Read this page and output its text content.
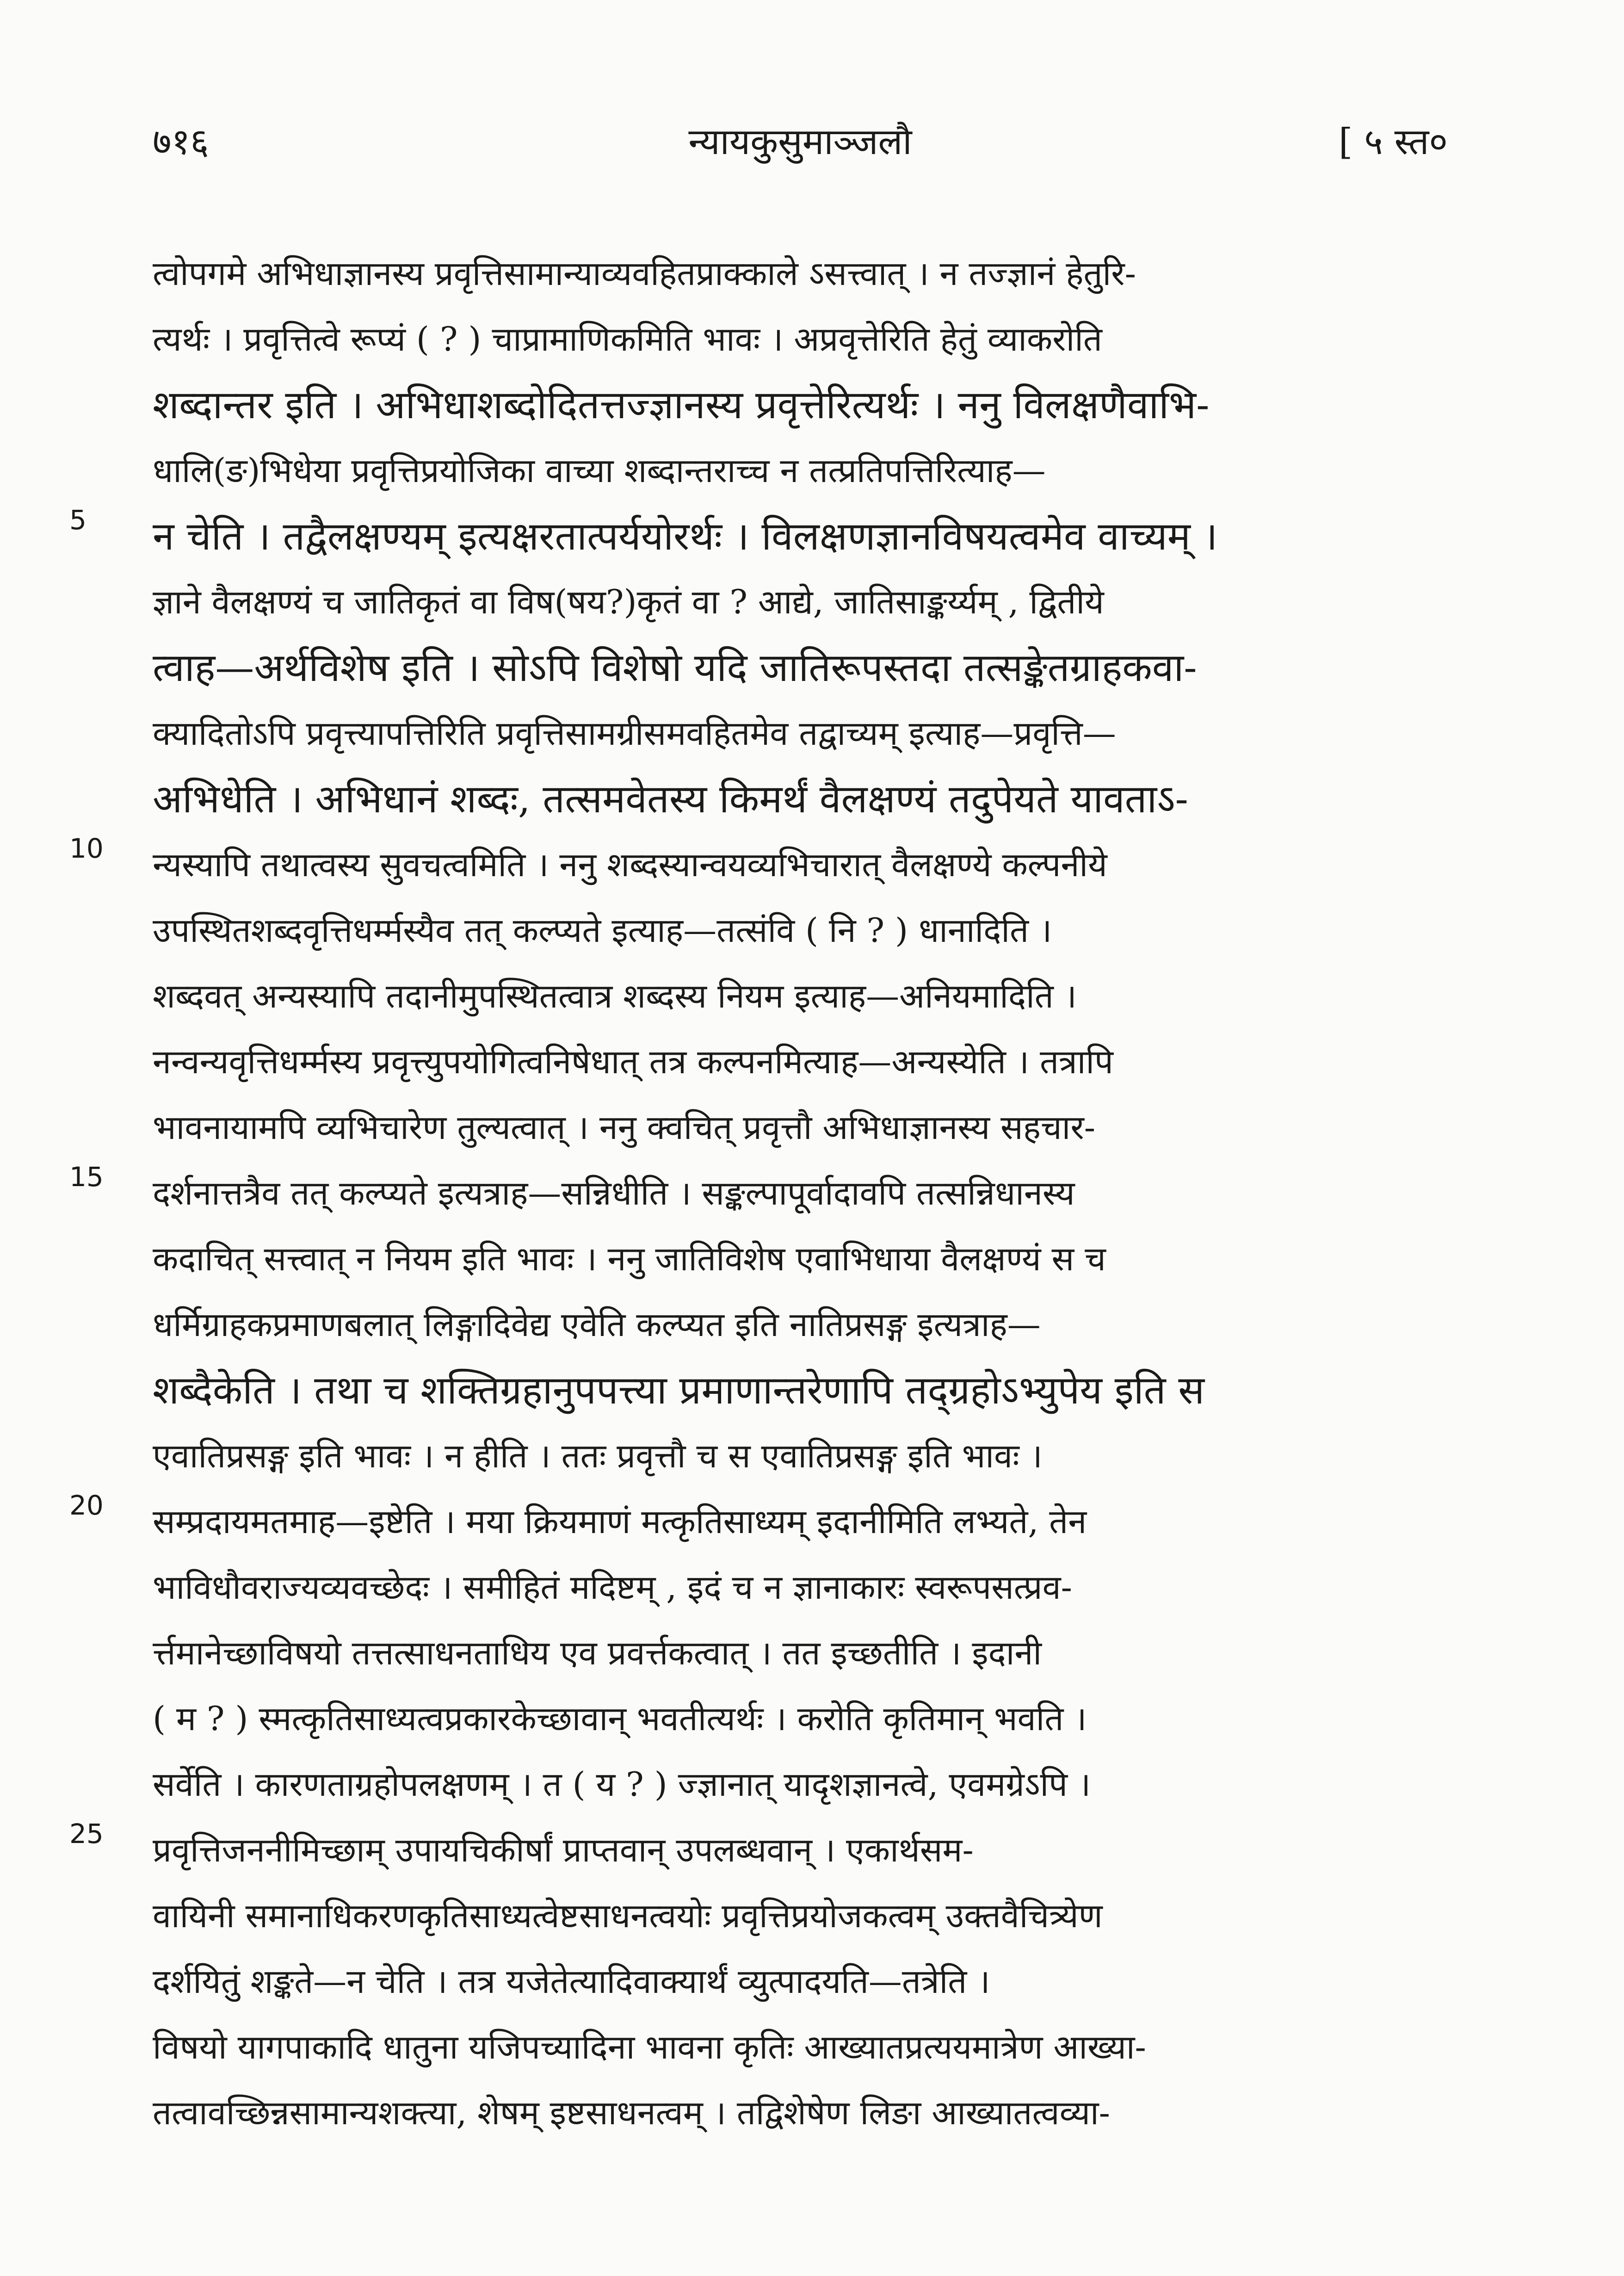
७१६	न्यायकुसुमाञ्जलौ	[ ५ स्त०
5
10
15
20
25
त्वोपगमे अभिधाज्ञानस्य प्रवृत्तिसामान्याव्यवहितप्राक्काले ऽसत्त्वात् । न तज्ज्ञानं हेतुरि-
त्यर्थः । प्रवृत्तित्वे रूप्यं ( ? ) चाप्रामाणिकमिति भावः । अप्रवृत्तेरिति हेतुं व्याकरोति
शब्दान्तर इति । अभिधाशब्दोदितत्तज्ज्ञानस्य प्रवृत्तेरित्यर्थः । ननु विलक्षणैवाभि-
धालि(ङ)भिधेया प्रवृत्तिप्रयोजिका वाच्या शब्दान्तराच्च न तत्प्रतिपत्तिरित्याह—
न चेति । तद्वैलक्षण्यम् इत्यक्षरतात्पर्ययोरर्थः । विलक्षणज्ञानविषयत्वमेव वाच्यम् ।
ज्ञाने वैलक्षण्यं च जातिकृतं वा विष(षय?)कृतं वा ? आद्ये, जातिसाङ्कर्य्यम् , द्वितीये
त्वाह—अर्थविशेष इति । सोऽपि विशेषो यदि जातिरूपस्तदा तत्सङ्केतग्राहकवा-
क्यादितोऽपि प्रवृत्त्यापत्तिरिति प्रवृत्तिसामग्रीसमवहितमेव तद्वाच्यम् इत्याह—प्रवृत्ति—
अभिधेति । अभिधानं शब्दः, तत्समवेतस्य किमर्थं वैलक्षण्यं तदुपेयते यावताऽ-
न्यस्यापि तथात्वस्य सुवचत्वमिति । ननु शब्दस्यान्वयव्यभिचारात् वैलक्षण्ये कल्पनीये
उपस्थितशब्दवृत्तिधर्म्मस्यैव तत् कल्प्यते इत्याह—तत्संवि ( नि ? ) धानादिति ।
शब्दवत् अन्यस्यापि तदानीमुपस्थितत्वात्र शब्दस्य नियम इत्याह—अनियमादिति ।
नन्वन्यवृत्तिधर्म्मस्य प्रवृत्त्युपयोगित्वनिषेधात् तत्र कल्पनमित्याह—अन्यस्येति । तत्रापि
भावनायामपि व्यभिचारेण तुल्यत्वात् । ननु क्वचित् प्रवृत्तौ अभिधाज्ञानस्य सहचार-
दर्शनात्तत्रैव तत् कल्प्यते इत्यत्राह—सन्निधीति । सङ्कल्पापूर्वादावपि तत्सन्निधानस्य
कदाचित् सत्त्वात् न नियम इति भावः । ननु जातिविशेष एवाभिधाया वैलक्षण्यं स च
धर्मिग्राहकप्रमाणबलात् लिङ्गादिवेद्य एवेति कल्प्यत इति नातिप्रसङ्ग इत्यत्राह—
शब्दैकेति । तथा च शक्तिग्रहानुपपत्त्या प्रमाणान्तरेणापि तद्ग्रहोऽभ्युपेय इति स
एवातिप्रसङ्ग इति भावः । न हीति । ततः प्रवृत्तौ च स एवातिप्रसङ्ग इति भावः ।
सम्प्रदायमतमाह—इष्टेति । मया क्रियमाणं मत्कृतिसाध्यम् इदानीमिति लभ्यते, तेन
भाविधौवराज्यव्यवच्छेदः । समीहितं मदिष्टम् , इदं च न ज्ञानाकारः स्वरूपसत्प्रव-
र्त्तमानेच्छाविषयो तत्तत्साधनताधिय एव प्रवर्त्तकत्वात् । तत इच्छतीति । इदानी
( म ? ) स्मत्कृतिसाध्यत्वप्रकारकेच्छावान् भवतीत्यर्थः । करोति कृतिमान् भवति ।
सर्वेति । कारणताग्रहोपलक्षणम् । त ( य ? ) ज्ज्ञानात् यादृशज्ञानत्वे, एवमग्रेऽपि ।
प्रवृत्तिजननीमिच्छाम् उपायचिकीर्षां प्राप्तवान् उपलब्धवान् । एकार्थसम-
वायिनी समानाधिकरणकृतिसाध्यत्वेष्टसाधनत्वयोः प्रवृत्तिप्रयोजकत्वम् उक्तवैचित्र्येण
दर्शयितुं शङ्कते—न चेति । तत्र यजेतेत्यादिवाक्यार्थं व्युत्पादयति—तत्रेति ।
विषयो यागपाकादि धातुना यजिपच्यादिना भावना कृतिः आख्यातप्रत्ययमात्रेण आख्या-
तत्वावच्छिन्नसामान्यशक्त्या, शेषम् इष्टसाधनत्वम् । तद्विशेषेण लिङा आख्यातत्वव्या-
